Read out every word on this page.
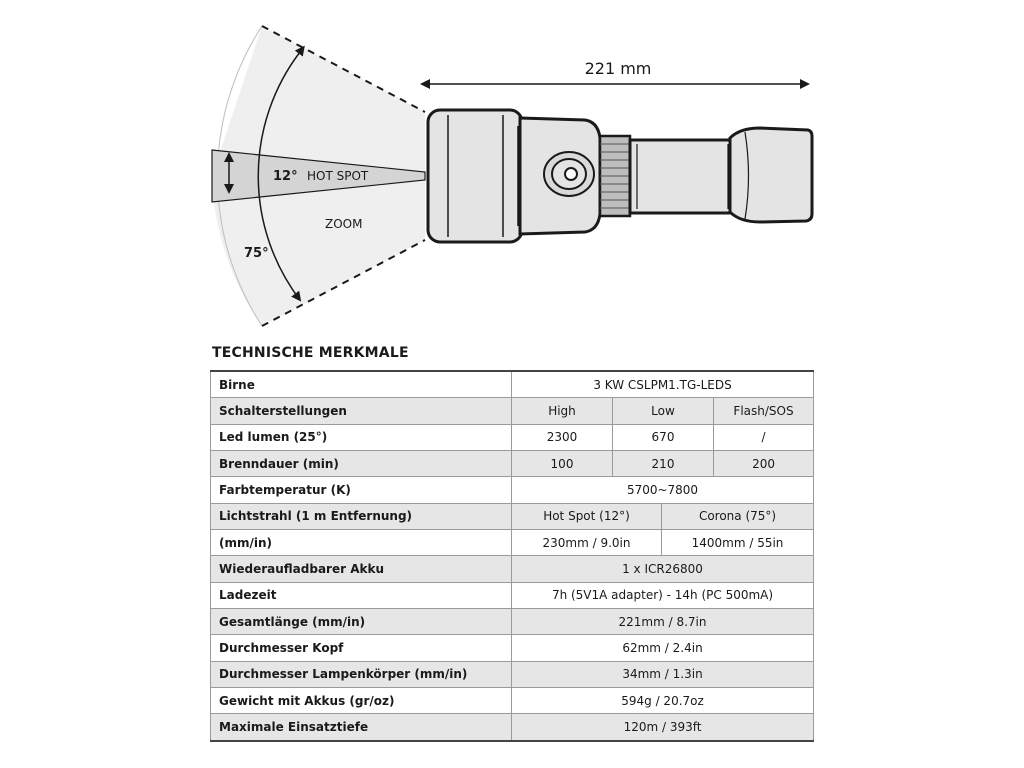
12° HOT SPOT
ZOOM
75°
221 mm
TECHNISCHE MERKMALE
Birne	3 KW CSLPM1.TG-LEDS			
Schalterstellungen	High	Low		Flash/SOS
Led lumen (25°)	2300	670		/
Brenndauer (min)	100	210		200
Farbtemperatur (K)	5700~7800			
Lichtstrahl (1 m Entfernung)	Hot Spot (12°)		Corona (75°)	
(mm/in)	230mm / 9.0in		1400mm / 55in	
Wiederaufladbarer Akku	1 x ICR26800			
Ladezeit	7h (5V1A adapter) - 14h (PC 500mA)			
Gesamtlänge (mm/in)	221mm / 8.7in			
Durchmesser Kopf	62mm / 2.4in			
Durchmesser Lampenkörper (mm/in)	34mm / 1.3in			
Gewicht mit Akkus (gr/oz)	594g / 20.7oz			
Maximale Einsatztiefe	120m / 393ft			
